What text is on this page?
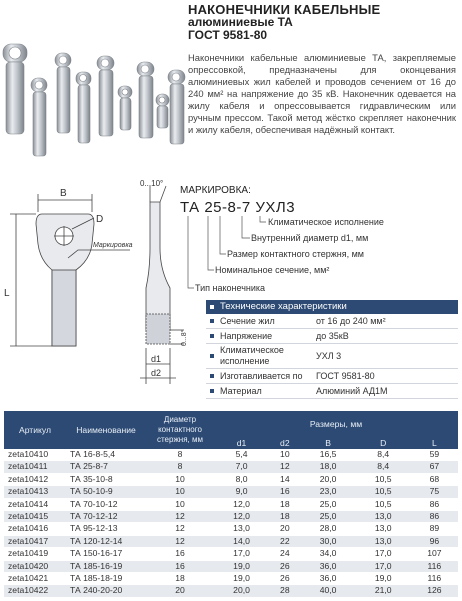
НАКОНЕЧНИКИ КАБЕЛЬНЫЕ
алюминиевые ТА
ГОСТ 9581-80
Наконечники кабельные алюминиевые ТА, закрепляемые опрессовкой, предназначены для оконцевания алюминиевых жил кабелей и проводов сечением от 16 до 240 мм² на напряжение до 35 кВ. Наконечник одевается на жилу кабеля и опрессовывается гидравлическим или ручным прессом. Такой метод жёстко скрепляет наконечник и жилу кабеля, обеспечивая надёжный контакт.
B
D
L
Маркировка
0...10°
0...8°
d1
d2
МАРКИРОВКА:
ТА 25-8-7 УХЛ3
Климатическое исполнение
Внутренний диаметр d1, мм
Размер контактного стержня, мм
Номинальное сечение, мм²
Тип наконечника
Технические характеристики
Сечение жил	от 16 до 240 мм²
Напряжение	до 35кВ
Климатическое исполнение	УХЛ 3
Изготавливается по ГОСТ 9581-80
Материал	Алюминий АД1М
Артикул	Наименование	Диаметр контактного стержня, мм	Размеры, мм				
			d1	d2	B	D	L
zeta10410	ТА 16-8-5,4	8	5,4	10	16,5	8,4	59
zeta10411	ТА 25-8-7	8	7,0	12	18,0	8,4	67
zeta10412	ТА 35-10-8	10	8,0	14	20,0	10,5	68
zeta10413	ТА 50-10-9	10	9,0	16	23,0	10,5	75
zeta10414	ТА 70-10-12	10	12,0	18	25,0	10,5	86
zeta10415	ТА 70-12-12	12	12,0	18	25,0	13,0	86
zeta10416	ТА 95-12-13	12	13,0	20	28,0	13,0	89
zeta10417	ТА 120-12-14	12	14,0	22	30,0	13,0	96
zeta10419	ТА 150-16-17	16	17,0	24	34,0	17,0	107
zeta10420	ТА 185-16-19	16	19,0	26	36,0	17,0	116
zeta10421	ТА 185-18-19	18	19,0	26	36,0	19,0	116
zeta10422	ТА 240-20-20	20	20,0	28	40,0	21,0	126
